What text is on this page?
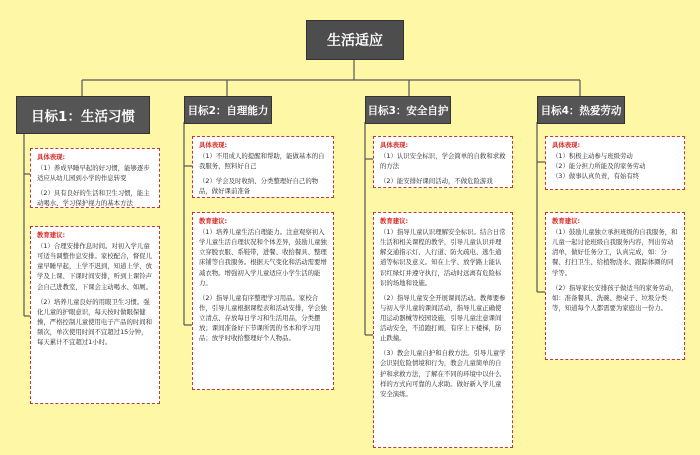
生活适应
目标1：生活习惯
具体表现:

（1）养成早睡早起的好习惯，能够逐步适应从幼儿园到小学的作息转变

（2）具有良好的生活和卫生习惯，能主动喝水、学习保护视力的基本方法

教育建议:

（1）合理安排作息时间。对初入学儿童可适当调整作息安排。家校配合，督促儿童早睡早起，上学不迟到，知道上学、放学及上课、下课时间安排，听到上课铃声会自己进教室，下课会主动喝水、如厕。

（2）培养儿童良好的用眼卫生习惯。强化儿童的护眼意识，每天按时做眼保健操，严格控制儿童使用电子产品的时间和频次，单次使用时间不宜超过15分钟，每天累计不宜超过1小时。

目标2：自理能力
具体表现:

（1）不用成人的提醒和帮助，能做基本的自我服务，照料好自己

（2）学会及时收纳、分类整理好自己的物品，做好课前准备

教育建议:

（1）培养儿童生活自理能力。注意观察初入学儿童生活自理状况和个体差异，鼓励儿童独立穿脱衣服、系鞋带，进餐、收拾餐具、整理床铺等自我服务。根据天气变化和活动需要增减衣物。增强初入学儿童适应小学生活的能力。

（2）指导儿童有序整理学习用品。家校合作，引导儿童根据课程表和活动安排，学会独立清点、存放每日学习和生活用品，分类摆放；课间准备好下节课所需的书本和学习用品；放学时收拾整理好个人物品。

目标3：安全自护
具体表现:

（1）认识安全标识，学会简单的自救和求救的方法

（2）能安排好课间活动，不做危险游戏

教育建议:

（1）指导儿童认识理解安全标识。结合日常生活和相关课程的教学，引导儿童认识并理解交通指示灯、人行道、防火疏电、逃生通道等标识及意义。知在上学、放学路上能认识红绿灯并遵守执行，活动时远离有危险标识的场地和设施。

（2）指导儿童安全开展课间活动。教师要参与初入学儿童的课间活动，指导儿童正确使用运动器械等校园设施，引导儿童注意课间活动安全，不追跑打闹，有序上下楼梯，防止跌撞。

（3）教会儿童自护和自救方法。引导儿童学会识别危险情境和行为，教会儿童简单的自护和求救方法，了解在不同的环境中以什么样的方式向可靠的人求助。做好新入学儿童安全演练。

目标4：热爱劳动
具体表现:

（1）积极主动参与班级劳动

（2）能分担力所能及的家务劳动

（3）做事认真负责，有始有终

教育建议:

（1）鼓励儿童独立承担班级的自我服务，和儿童一起讨论班级自我服务内容，列出劳动清单，做好任务分工，认真完成，如：分餐、打扫卫生、给植物浇水、跟踪体圈的同学等。

（2）指导家长安排孩子做适当的家务劳动，如：准备餐具、洗碗、擦桌子、垃圾分类等，知道每个人都需要为家庭出一份力。
